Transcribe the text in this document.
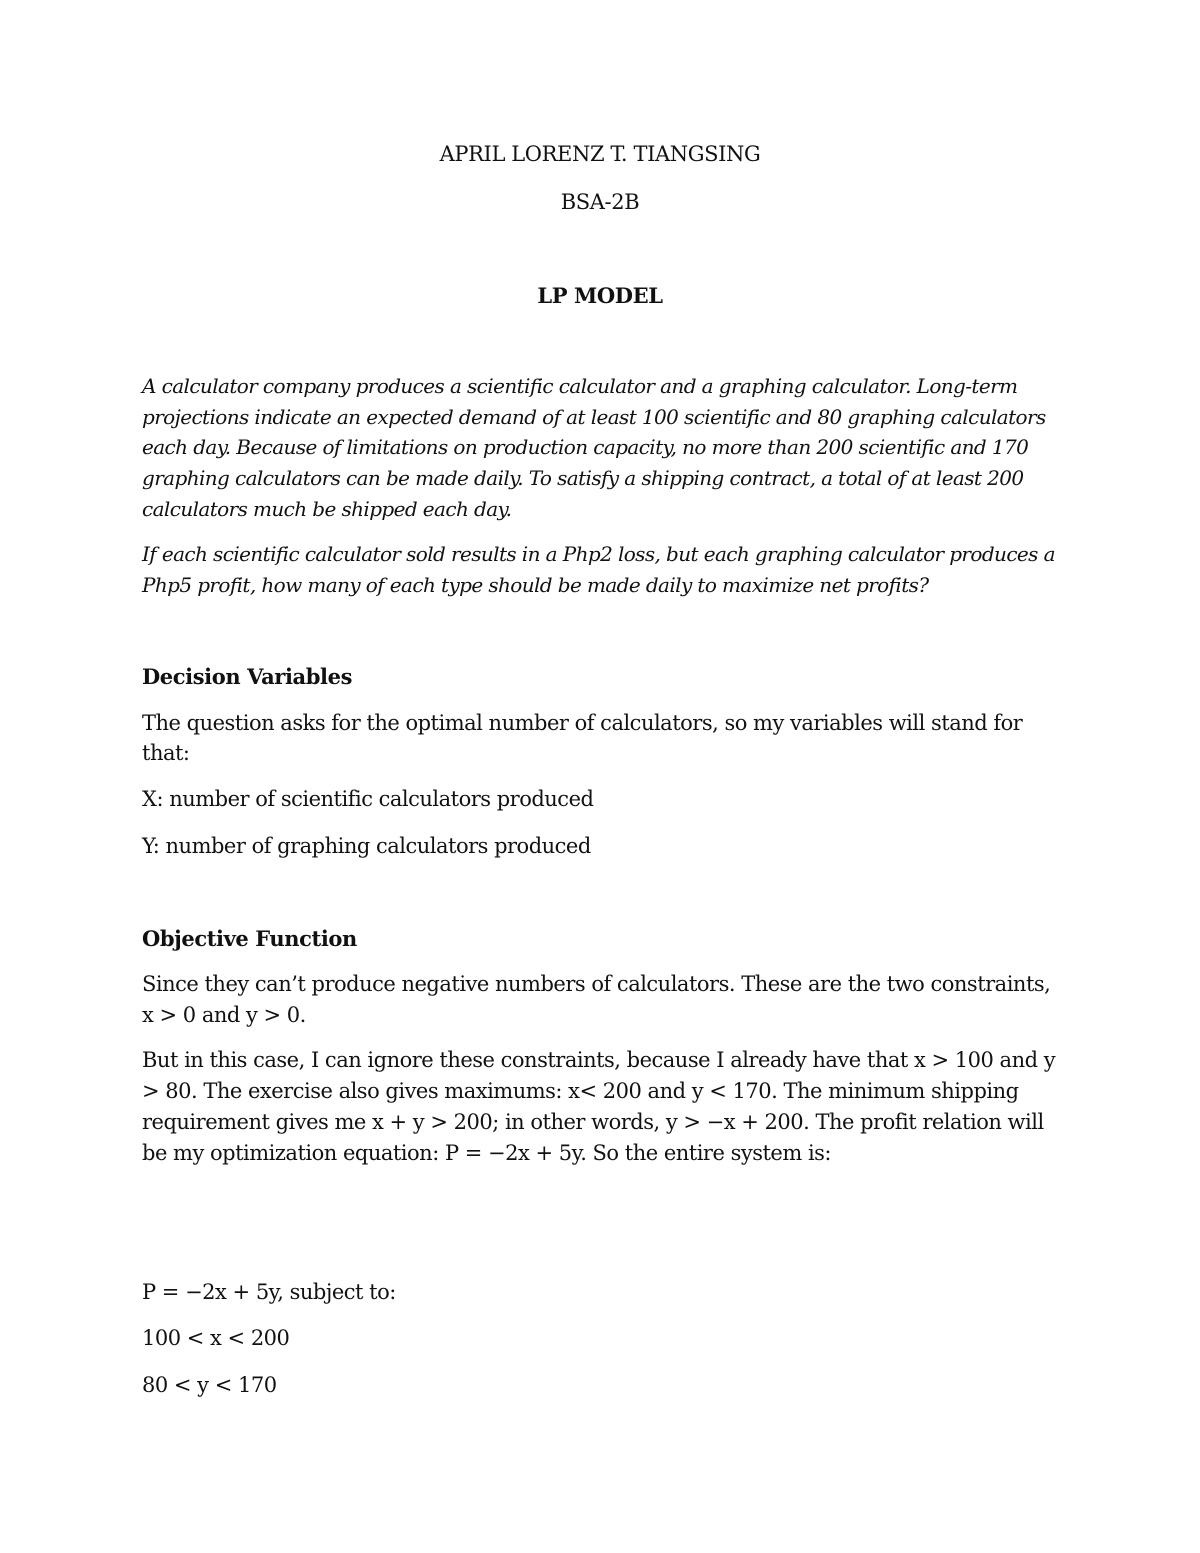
APRIL LORENZ T. TIANGSING
BSA-2B
LP MODEL
A calculator company produces a scientific calculator and a graphing calculator. Long-term
projections indicate an expected demand of at least 100 scientific and 80 graphing calculators
each day. Because of limitations on production capacity, no more than 200 scientific and 170
graphing calculators can be made daily. To satisfy a shipping contract, a total of at least 200
calculators much be shipped each day.
If each scientific calculator sold results in a Php2 loss, but each graphing calculator produces a
Php5 profit, how many of each type should be made daily to maximize net profits?
Decision Variables
The question asks for the optimal number of calculators, so my variables will stand for
that:
X: number of scientific calculators produced
Y: number of graphing calculators produced
Objective Function
Since they can’t produce negative numbers of calculators. These are the two constraints,
x > 0 and y > 0.
But in this case, I can ignore these constraints, because I already have that x > 100 and y
> 80. The exercise also gives maximums: x< 200 and y < 170. The minimum shipping
requirement gives me x + y > 200; in other words, y > −x + 200. The profit relation will
be my optimization equation: P = −2x + 5y. So the entire system is:
P = −2x + 5y, subject to:
100 < x < 200
80 < y < 170
